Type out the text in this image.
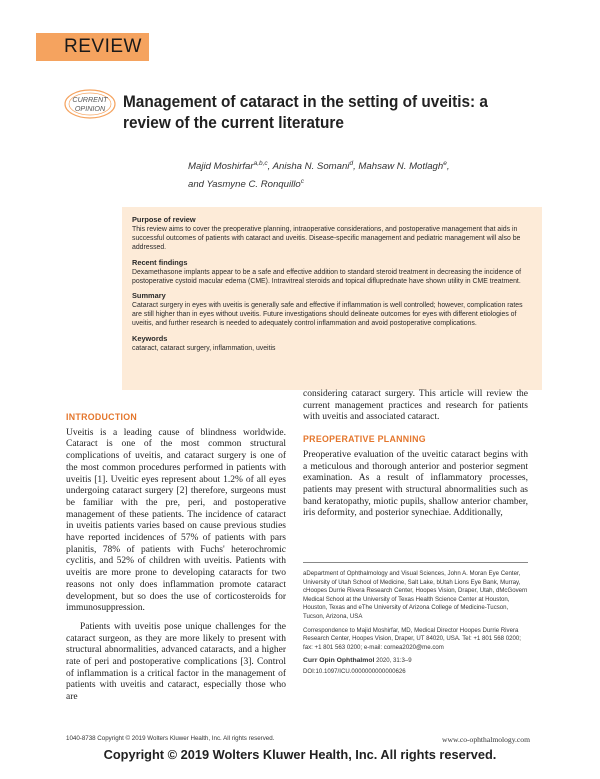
REVIEW
CURRENT
OPINION Management of cataract in the setting of uveitis: a review of the current literature
Majid Moshirfar$^{a,b,c}$, Anisha N. Somani$^d$, Mahsaw N. Motlagh$^e$,
and Yasmyne C. Ronquillo$^c$
Purpose of review
This review aims to cover the preoperative planning, intraoperative considerations, and postoperative management that aids in successful outcomes of patients with cataract and uveitis. Disease-specific management and pediatric management will also be addressed.
Recent findings
Dexamethasone implants appear to be a safe and effective addition to standard steroid treatment in decreasing the incidence of postoperative cystoid macular edema (CME). Intravitreal steroids and topical difluprednate have shown utility in CME treatment.
Summary
Cataract surgery in eyes with uveitis is generally safe and effective if inflammation is well controlled; however, complication rates are still higher than in eyes without uveitis. Future investigations should delineate outcomes for eyes with different etiologies of uveitis, and further research is needed to adequately control inflammation and avoid postoperative complications.
Keywords
cataract, cataract surgery, inflammation, uveitis
INTRODUCTION

Uveitis is a leading cause of blindness worldwide. Cataract is one of the most common structural complications of uveitis, and cataract surgery is one of the most common procedures performed in patients with uveitis [1]. Uveitic eyes represent about 1.2% of all eyes undergoing cataract surgery [2] therefore, surgeons must be familiar with the pre, peri, and postoperative management of these patients. The incidence of cataract in uveitis patients varies based on cause previous studies have reported incidences of 57% of patients with pars planitis, 78% of patients with Fuchs' heterochromic cyclitis, and 52% of children with uveitis. Patients with uveitis are more prone to developing cataracts for two reasons not only does inflammation promote cataract development, but so does the use of corticosteroids for immunosuppression.

Patients with uveitis pose unique challenges for the cataract surgeon, as they are more likely to present with structural abnormalities, advanced cataracts, and a higher rate of peri and postoperative complications [3]. Control of inflammation is a critical factor in the management of patients with uveitis and cataract, especially those who are

considering cataract surgery. This article will review the current management practices and research for patients with uveitis and associated cataract.

PREOPERATIVE PLANNING

Preoperative evaluation of the uveitic cataract begins with a meticulous and thorough anterior and posterior segment examination. As a result of inflammatory processes, patients may present with structural abnormalities such as band keratopathy, miotic pupils, shallow anterior chamber, iris deformity, and posterior synechiae. Additionally,

aDepartment of Ophthalmology and Visual Sciences, John A. Moran Eye Center, University of Utah School of Medicine, Salt Lake, bUtah Lions Eye Bank, Murray, cHoopes Durrie Rivera Research Center, Hoopes Vision, Draper, Utah, dMcGovern Medical School at the University of Texas Health Science Center at Houston, Houston, Texas and eThe University of Arizona College of Medicine-Tucson, Tucson, Arizona, USA

Correspondence to Majid Moshirfar, MD, Medical Director Hoopes Durrie Rivera Research Center, Hoopes Vision, Draper, UT 84020, USA. Tel: +1 801 568 0200; fax: +1 801 563 0200; e-mail: cornea2020@me.com

Curr Opin Ophthalmol 2020, 31:3–9

DOI:10.1097/ICU.0000000000000626

1040-8738 Copyright © 2019 Wolters Kluwer Health, Inc. All rights reserved.	www.co-ophthalmology.com
Copyright © 2019 Wolters Kluwer Health, Inc. All rights reserved.
